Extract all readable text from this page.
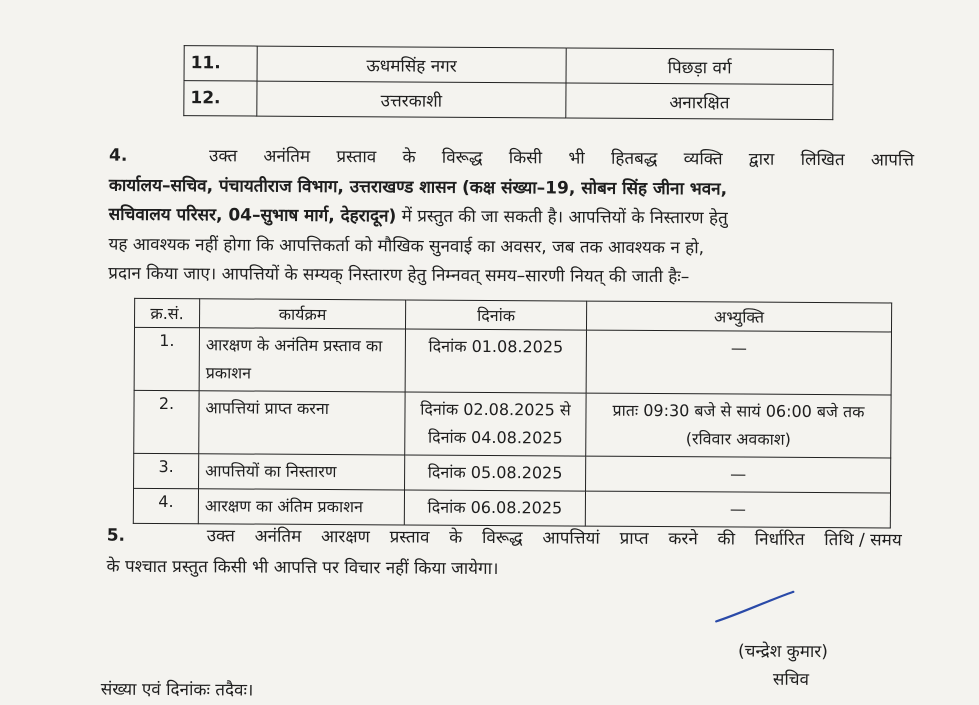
11.	ऊधमसिंह नगर	पिछड़ा वर्ग
12.	उत्तरकाशी	अनारक्षित
4.	उक्त अनंतिम प्रस्ताव के विरूद्ध किसी भी हितबद्ध व्यक्ति द्वारा लिखित आपत्ति
कार्यालय–सचिव, पंचायतीराज विभाग, उत्तराखण्ड शासन (कक्ष संख्या–19, सोबन सिंह जीना भवन,
सचिवालय परिसर, 04–सुभाष मार्ग, देहरादून) में प्रस्तुत की जा सकती है। आपत्तियों के निस्तारण हेतु
यह आवश्यक नहीं होगा कि आपत्तिकर्ता को मौखिक सुनवाई का अवसर, जब तक आवश्यक न हो,
प्रदान किया जाए। आपत्तियों के सम्यक् निस्तारण हेतु निम्नवत् समय–सारणी नियत् की जाती हैः–
क्र.सं.	कार्यक्रम	दिनांक	अभ्युक्ति
1.	आरक्षण के अनंतिम प्रस्ताव का प्रकाशन	दिनांक 01.08.2025	—
2.	आपत्तियां प्राप्त करना	दिनांक 02.08.2025 से दिनांक 04.08.2025	प्रातः 09:30 बजे से सायं 06:00 बजे तक (रविवार अवकाश)
3.	आपत्तियों का निस्तारण	दिनांक 05.08.2025	—
4.	आरक्षण का अंतिम प्रकाशन	दिनांक 06.08.2025	—
5.	उक्त अनंतिम आरक्षण प्रस्ताव के विरूद्ध आपत्तियां प्राप्त करने की निर्धारित तिथि / समय
के पश्चात प्रस्तुत किसी भी आपत्ति पर विचार नहीं किया जायेगा।
(चन्द्रेश कुमार)
सचिव
संख्या एवं दिनांकः तदैवः।
